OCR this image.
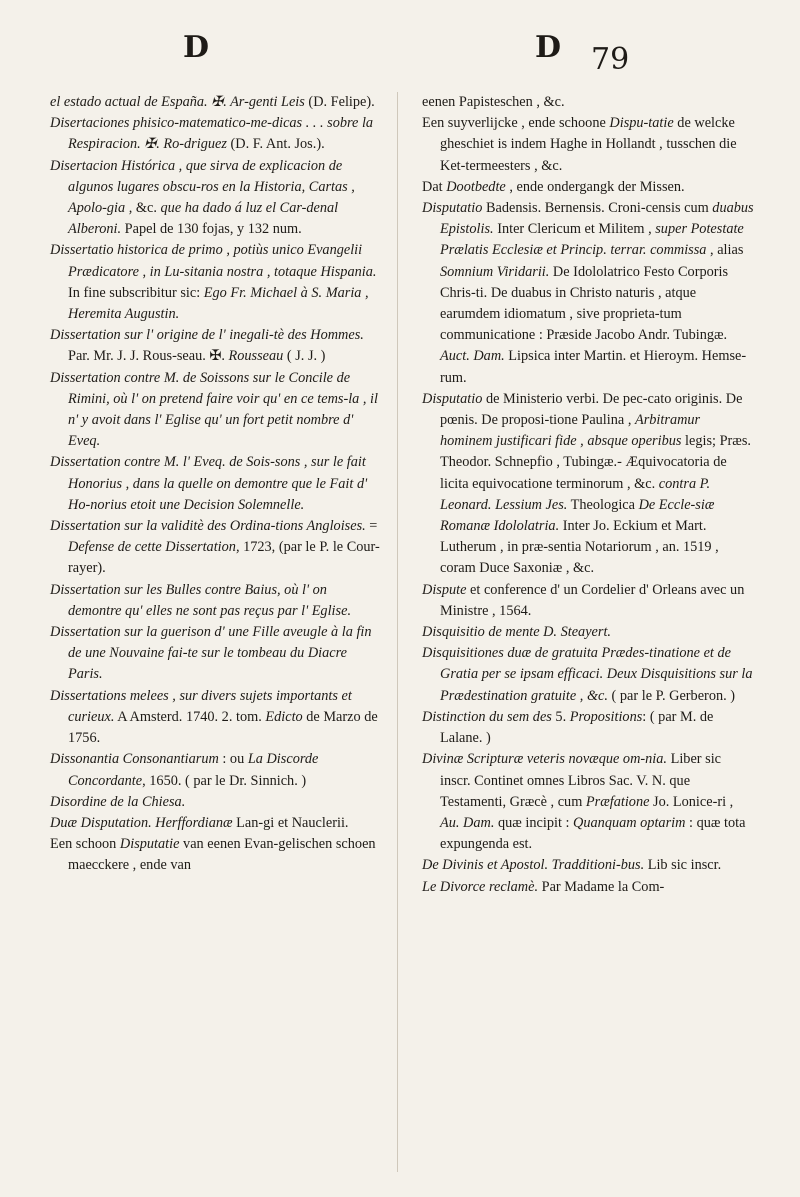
D	D 79

el estado actual de España. ✠. Ar-genti Leis (D. Felipe).

Disertaciones phisico-matematico-me-dicas . . . sobre la Respiracion. ✠. Ro-driguez (D. F. Ant. Jos.).

Disertacion Histórica , que sirva de explicacion de algunos lugares obscu-ros en la Historia, Cartas , Apolo-gia , &c. que ha dado á luz el Car-denal Alberoni. Papel de 130 fojas, y 132 num.

Dissertatio historica de primo , potiùs unico Evangelii Prædicatore , in Lu-sitania nostra , totaque Hispania. In fine subscribitur sic: Ego Fr. Michael à S. Maria , Heremita Augustin.

Dissertation sur l' origine de l' inegali-tè des Hommes. Par. Mr. J. J. Rous-seau. ✠. Rousseau ( J. J. )

Dissertation contre M. de Soissons sur le Concile de Rimini, où l' on pretend faire voir qu' en ce tems-la , il n' y avoit dans l' Eglise qu' un fort petit nombre d' Eveq.

Dissertation contre M. l' Eveq. de Sois-sons , sur le fait Honorius , dans la quelle on demontre que le Fait d' Ho-norius etoit une Decision Solemnelle.

Dissertation sur la validitè des Ordina-tions Angloises. = Defense de cette Dissertation, 1723, (par le P. le Cour-rayer).

Dissertation sur les Bulles contre Baius, où l' on demontre qu' elles ne sont pas reçus par l' Eglise.

Dissertation sur la guerison d' une Fille aveugle à la fin de une Nouvaine fai-te sur le tombeau du Diacre Paris.

Dissertations melees , sur divers sujets importants et curieux. A Amsterd. 1740. 2. tom. Edicto de Marzo de 1756.

Dissonantia Consonantiarum : ou La Discorde Concordante, 1650. ( par le Dr. Sinnich. )

Disordine de la Chiesa.

Duæ Disputation. Herffordianæ Lan-gi et Nauclerii.

Een schoon Disputatie van eenen Evan-gelischen schoen maecckere , ende van

eenen Papisteschen , &c.

Een suyverlijcke , ende schoone Dispu-tatie de welcke gheschiet is indem Haghe in Hollandt , tusschen die Ket-termeesters , &c.

Dat Dootbedte , ende ondergangk der Missen.

Disputatio Badensis. Bernensis. Croni-censis cum duabus Epistolis. Inter Clericum et Militem , super Potestate Prælatis Ecclesiæ et Princip. terrar. commissa , alias Somnium Viridarii. De Idololatrico Festo Corporis Chris-ti. De duabus in Christo naturis , atque earumdem idiomatum , sive proprieta-tum communicatione : Præside Jacobo Andr. Tubingæ. Auct. Dam. Lipsica inter Martin. et Hieroym. Hemse-rum.

Disputatio de Ministerio verbi. De pec-cato originis. De pœnis. De proposi-tione Paulina , Arbitramur hominem justificari fide , absque operibus legis; Præs. Theodor. Schnepfio , Tubingæ.- Æquivocatoria de licita equivocatione terminorum , &c. contra P. Leonard. Lessium Jes. Theologica De Eccle-siæ Romanæ Idololatria. Inter Jo. Eckium et Mart. Lutherum , in præ-sentia Notariorum , an. 1519 , coram Duce Saxoniæ , &c.

Dispute et conference d' un Cordelier d' Orleans avec un Ministre , 1564.

Disquisitio de mente D. Steayert.

Disquisitiones duæ de gratuita Prædes-tinatione et de Gratia per se ipsam efficaci. Deux Disquisitions sur la Prædestination gratuite , &c. ( par le P. Gerberon. )

Distinction du sem des 5. Propositions: ( par M. de Lalane. )

Divinæ Scripturæ veteris novæque om-nia. Liber sic inscr. Continet omnes Libros Sac. V. N. que Testamenti, Græcè , cum Præfatione Jo. Lonice-ri , Au. Dam. quæ incipit : Quanquam optarim : quæ tota expungenda est.

De Divinis et Apostol. Tradditioni-bus. Lib sic inscr.

Le Divorce reclamè. Par Madame la Com-
